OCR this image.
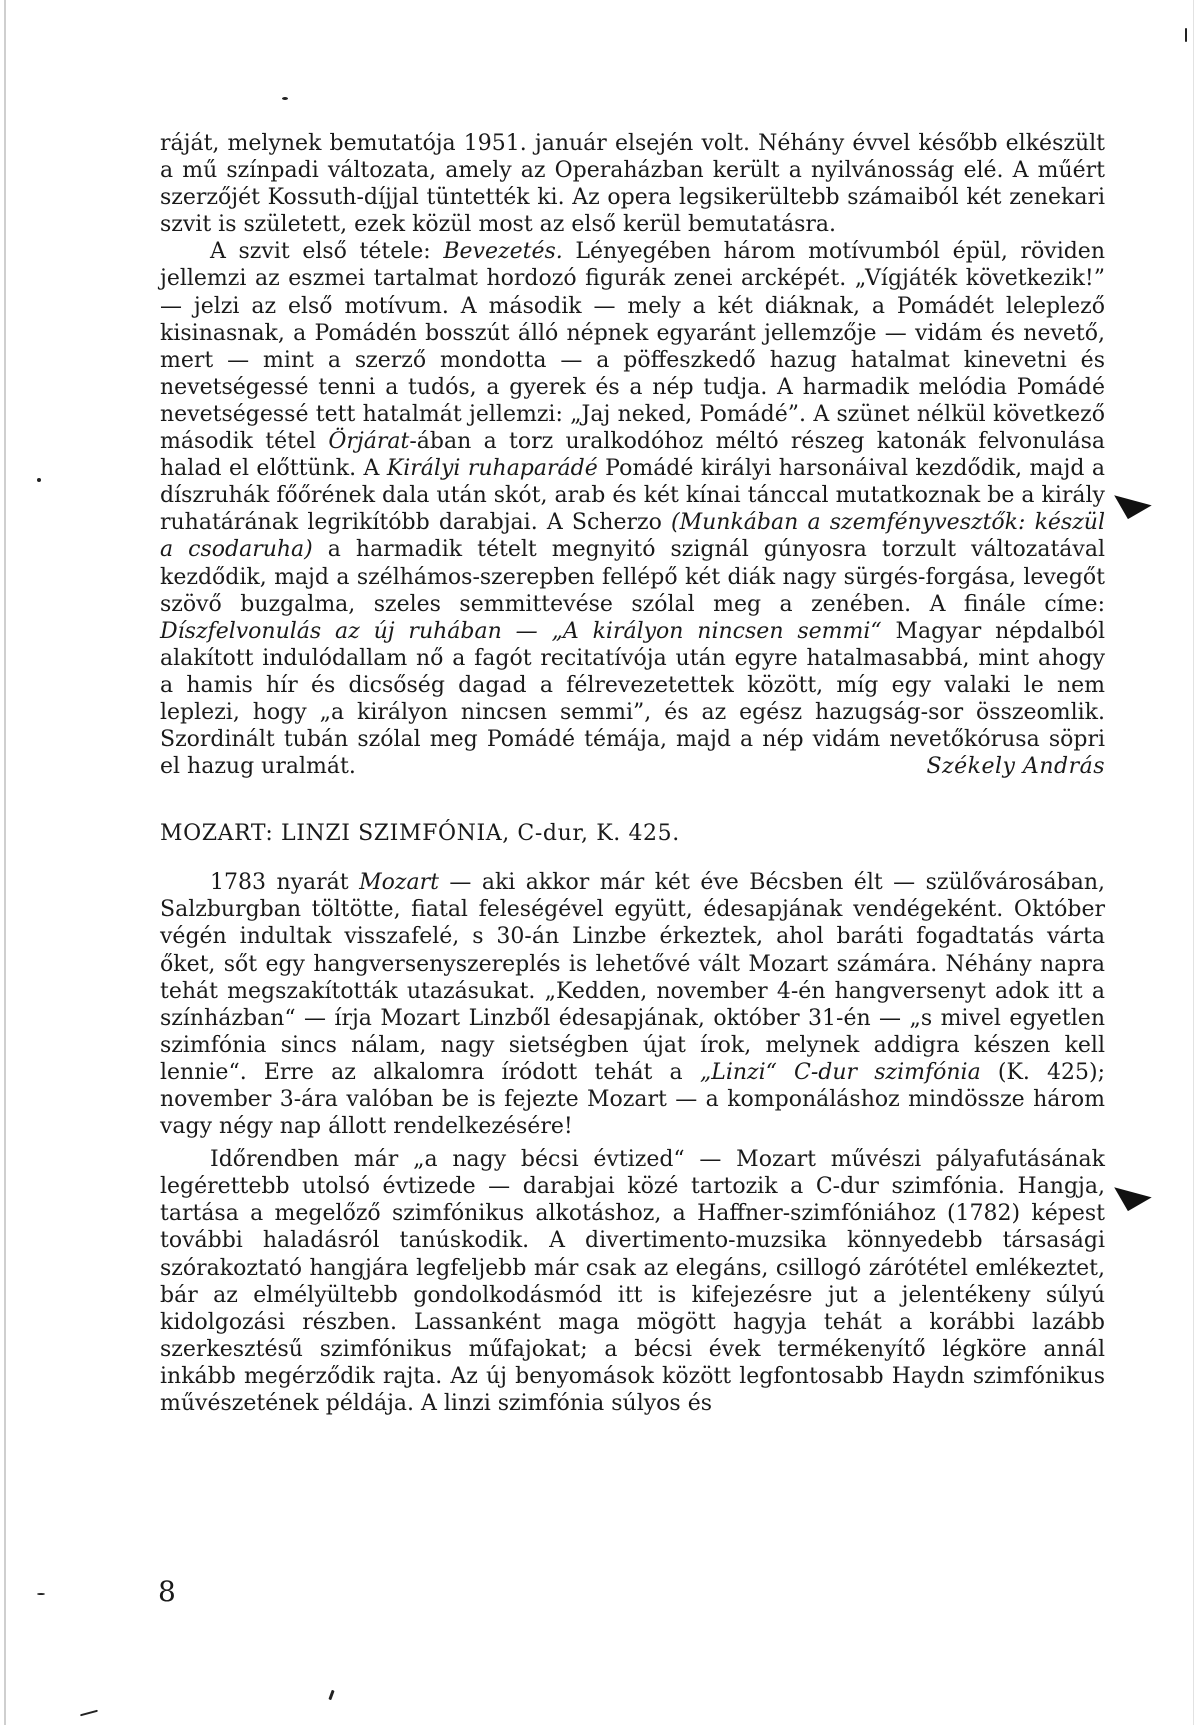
ráját, melynek bemutatója 1951. január elsején volt. Néhány évvel később elkészült a mű színpadi változata, amely az Operaházban került a nyilvánosság elé. A műért szerzőjét Kossuth-díjjal tüntették ki. Az opera legsikerültebb számaiból két zenekari szvit is született, ezek közül most az első kerül bemutatásra.

A szvit első tétele: Bevezetés. Lényegében három motívumból épül, röviden jellemzi az eszmei tartalmat hordozó figurák zenei arcképét. „Vígjáték következik!” — jelzi az első motívum. A második — mely a két diáknak, a Pomádét leleplező kisinasnak, a Pomádén bosszút álló népnek egyaránt jellemzője — vidám és nevető, mert — mint a szerző mondotta — a pöffeszkedő hazug hatalmat kinevetni és nevetségessé tenni a tudós, a gyerek és a nép tudja. A harmadik melódia Pomádé nevetségessé tett hatalmát jellemzi: „Jaj neked, Pomádé”. A szünet nélkül következő második tétel Örjárat-ában a torz uralkodóhoz méltó részeg katonák felvonulása halad el előttünk. A Királyi ruhaparádé Pomádé királyi harsonáival kezdődik, majd a díszruhák főőrének dala után skót, arab és két kínai tánccal mutatkoznak be a király ruhatárának legrikítóbb darabjai. A Scherzo (Munkában a szemfényvesztők: készül a csodaruha) a harmadik tételt megnyitó szignál gúnyosra torzult változatával kezdődik, majd a szélhámos-szerepben fellépő két diák nagy sürgés-forgása, levegőt szövő buzgalma, szeles semmittevése szólal meg a zenében. A finále címe: Díszfelvonulás az új ruhában — „A királyon nincsen semmi“ Magyar népdalból alakított indulódallam nő a fagót recitatívója után egyre hatalmasabbá, mint ahogy a hamis hír és dicsőség dagad a félrevezetettek között, míg egy valaki le nem leplezi, hogy „a királyon nincsen semmi”, és az egész hazugság-sor összeomlik. Szordinált tubán szólal meg Pomádé témája, majd a nép vidám nevetőkórusa söpri el hazug uralmát.	Székely András

MOZART: LINZI SZIMFÓNIA, C-dur, K. 425.

1783 nyarát Mozart — aki akkor már két éve Bécsben élt — szülővárosában, Salzburgban töltötte, fiatal feleségével együtt, édesapjának vendégeként. Október végén indultak visszafelé, s 30-án Linzbe érkeztek, ahol baráti fogadtatás várta őket, sőt egy hangversenyszereplés is lehetővé vált Mozart számára. Néhány napra tehát megszakították utazásukat. „Kedden, november 4-én hangversenyt adok itt a színházban“ — írja Mozart Linzből édesapjának, október 31-én — „s mivel egyetlen szimfónia sincs nálam, nagy sietségben újat írok, melynek addigra készen kell lennie“. Erre az alkalomra íródott tehát a „Linzi“ C-dur szimfónia (K. 425); november 3-ára valóban be is fejezte Mozart — a komponáláshoz mindössze három vagy négy nap állott rendelkezésére!

Időrendben már „a nagy bécsi évtized“ — Mozart művészi pályafutásának legérettebb utolsó évtizede — darabjai közé tartozik a C-dur szimfónia. Hangja, tartása a megelőző szimfónikus alkotáshoz, a Haffner-szimfóniához (1782) képest további haladásról tanúskodik. A divertimento-muzsika könnyedebb társasági szórakoztató hangjára legfeljebb már csak az elegáns, csillogó zárótétel emlékeztet, bár az elmélyültebb gondolkodásmód itt is kifejezésre jut a jelentékeny súlyú kidolgozási részben. Lassanként maga mögött hagyja tehát a korábbi lazább szerkesztésű szimfónikus műfajokat; a bécsi évek termékenyítő légköre annál inkább megérződik rajta. Az új benyomások között legfontosabb Haydn szimfónikus művészetének példája. A linzi szimfónia súlyos és

8
◣
◣
